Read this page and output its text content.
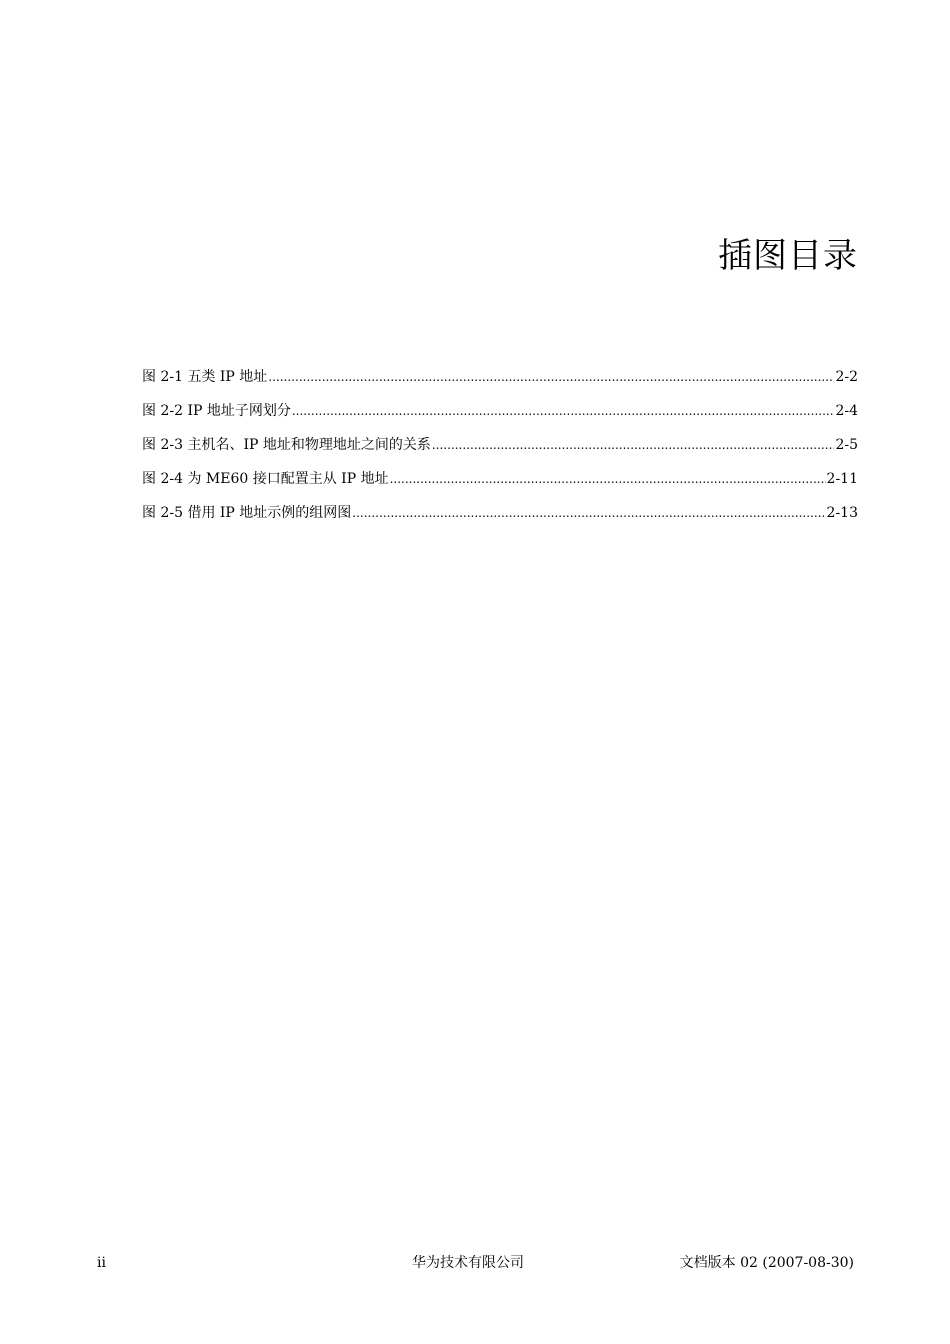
插图目录
图 2-1 五类 IP 地址 .....	2-2
图 2-2 IP 地址子网划分 .....	2-4
图 2-3 主机名、IP 地址和物理地址之间的关系 .....	2-5
图 2-4 为 ME60 接口配置主从 IP 地址 .....	2-11
图 2-5 借用 IP 地址示例的组网图 .....	2-13
ii	华为技术有限公司	文档版本 02 (2007-08-30)
